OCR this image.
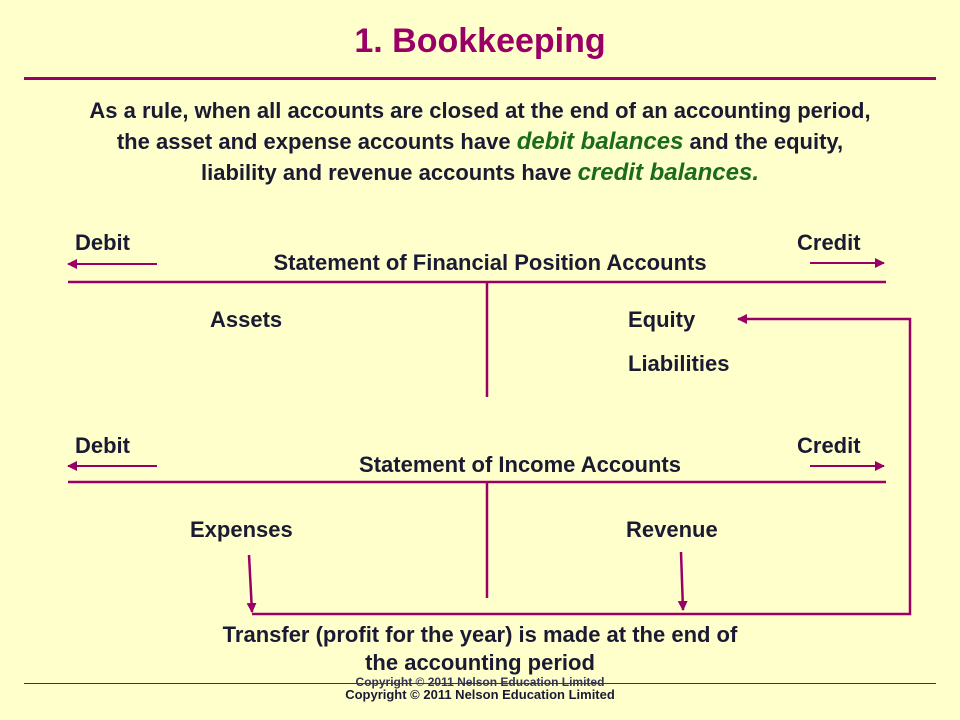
1. Bookkeeping
As a rule, when all accounts are closed at the end of an accounting period, the asset and expense accounts have debit balances and the equity, liability and revenue accounts have credit balances.
Debit	Credit
Statement of Financial Position Accounts
Assets	Equity
Liabilities
Debit	Credit
Statement of Income Accounts
Expenses	Revenue
Transfer (profit for the year) is made at the end of the accounting period
Copyright © 2011 Nelson Education Limited
Copyright © 2011 Nelson Education Limited
